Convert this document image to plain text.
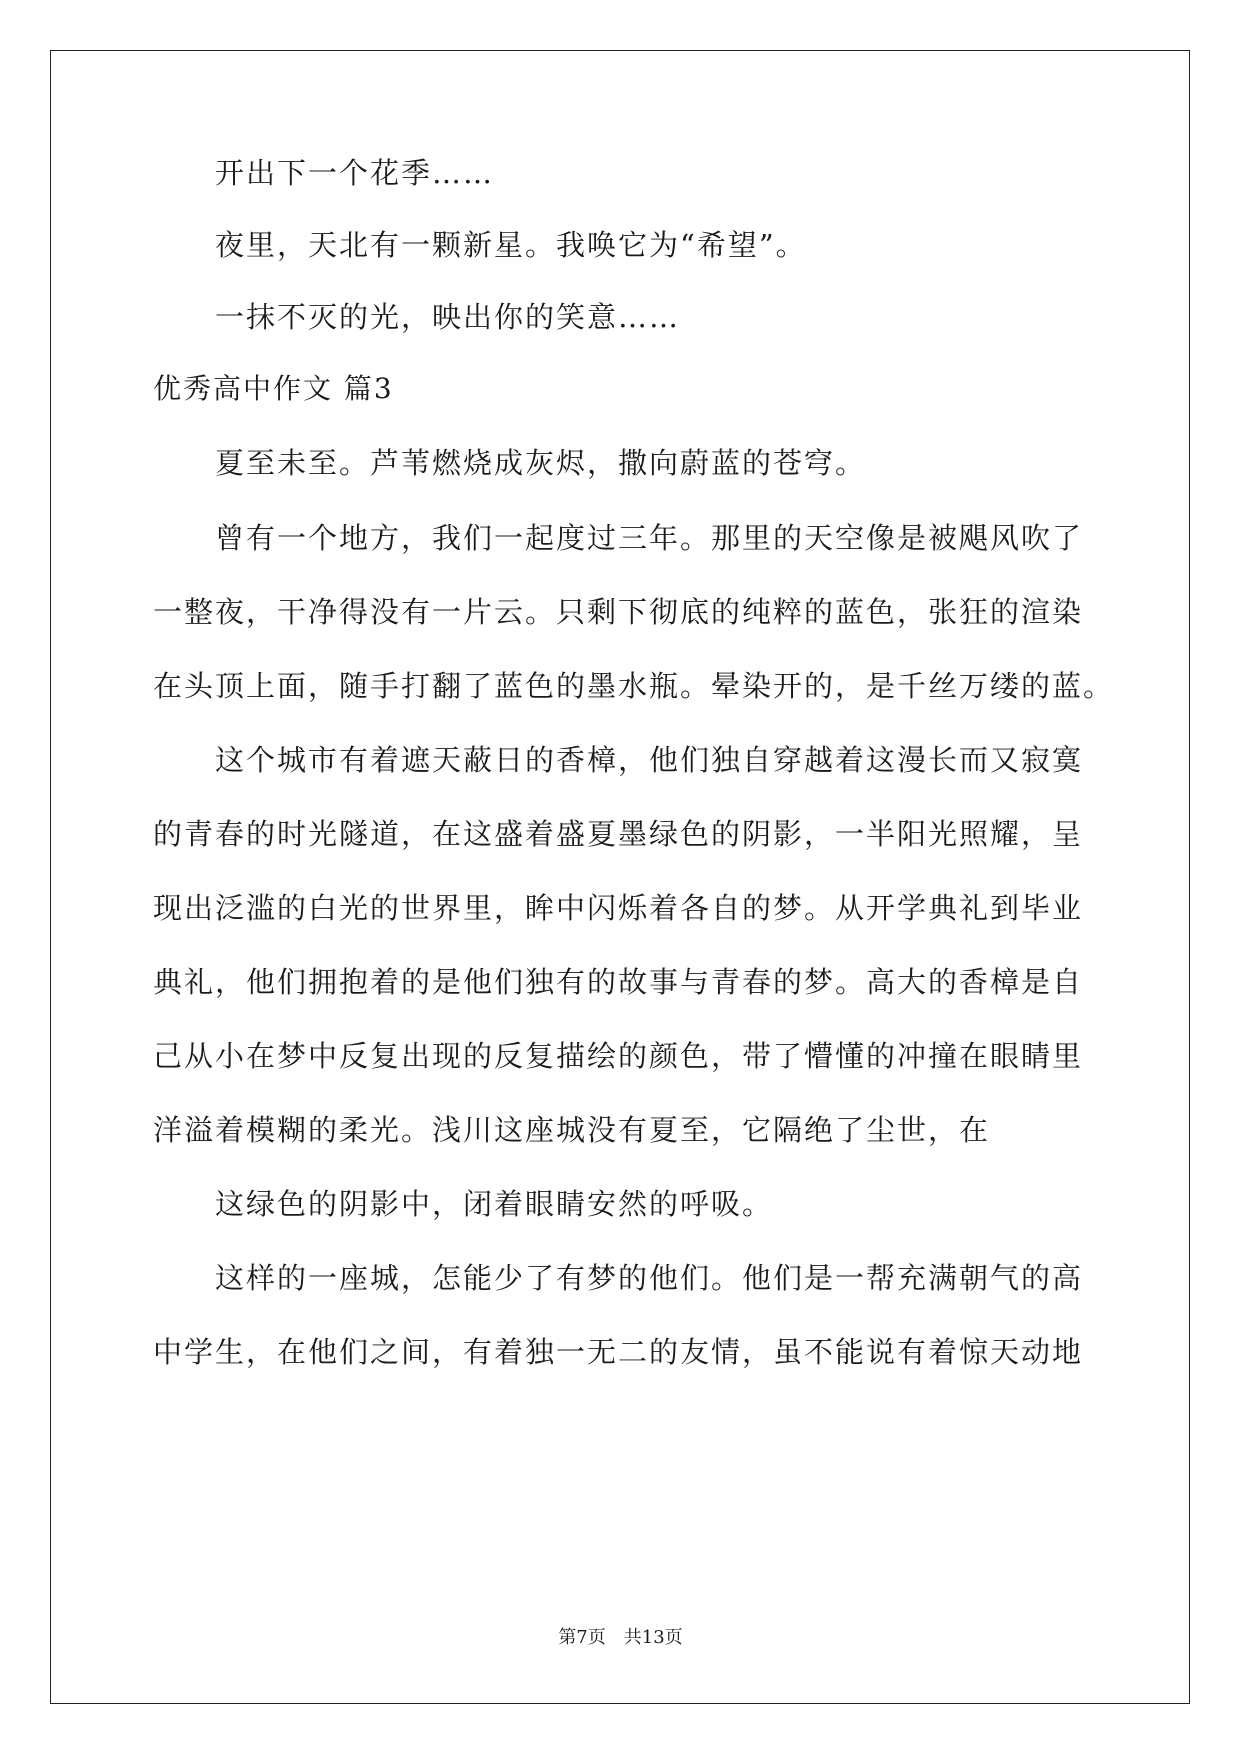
开出下一个花季……
夜里，天北有一颗新星。我唤它为“希望”。
一抹不灭的光，映出你的笑意……
优秀高中作文 篇3
夏至未至。芦苇燃烧成灰烬，撒向蔚蓝的苍穹。
曾有一个地方，我们一起度过三年。那里的天空像是被飓风吹了
一整夜，干净得没有一片云。只剩下彻底的纯粹的蓝色，张狂的渲染
在头顶上面，随手打翻了蓝色的墨水瓶。晕染开的，是千丝万缕的蓝。
这个城市有着遮天蔽日的香樟，他们独自穿越着这漫长而又寂寞
的青春的时光隧道，在这盛着盛夏墨绿色的阴影，一半阳光照耀，呈
现出泛滥的白光的世界里，眸中闪烁着各自的梦。从开学典礼到毕业
典礼，他们拥抱着的是他们独有的故事与青春的梦。高大的香樟是自
己从小在梦中反复出现的反复描绘的颜色，带了懵懂的冲撞在眼睛里
洋溢着模糊的柔光。浅川这座城没有夏至，它隔绝了尘世，在
这绿色的阴影中，闭着眼睛安然的呼吸。
这样的一座城，怎能少了有梦的他们。他们是一帮充满朝气的高
中学生，在他们之间，有着独一无二的友情，虽不能说有着惊天动地
第7页　共13页
